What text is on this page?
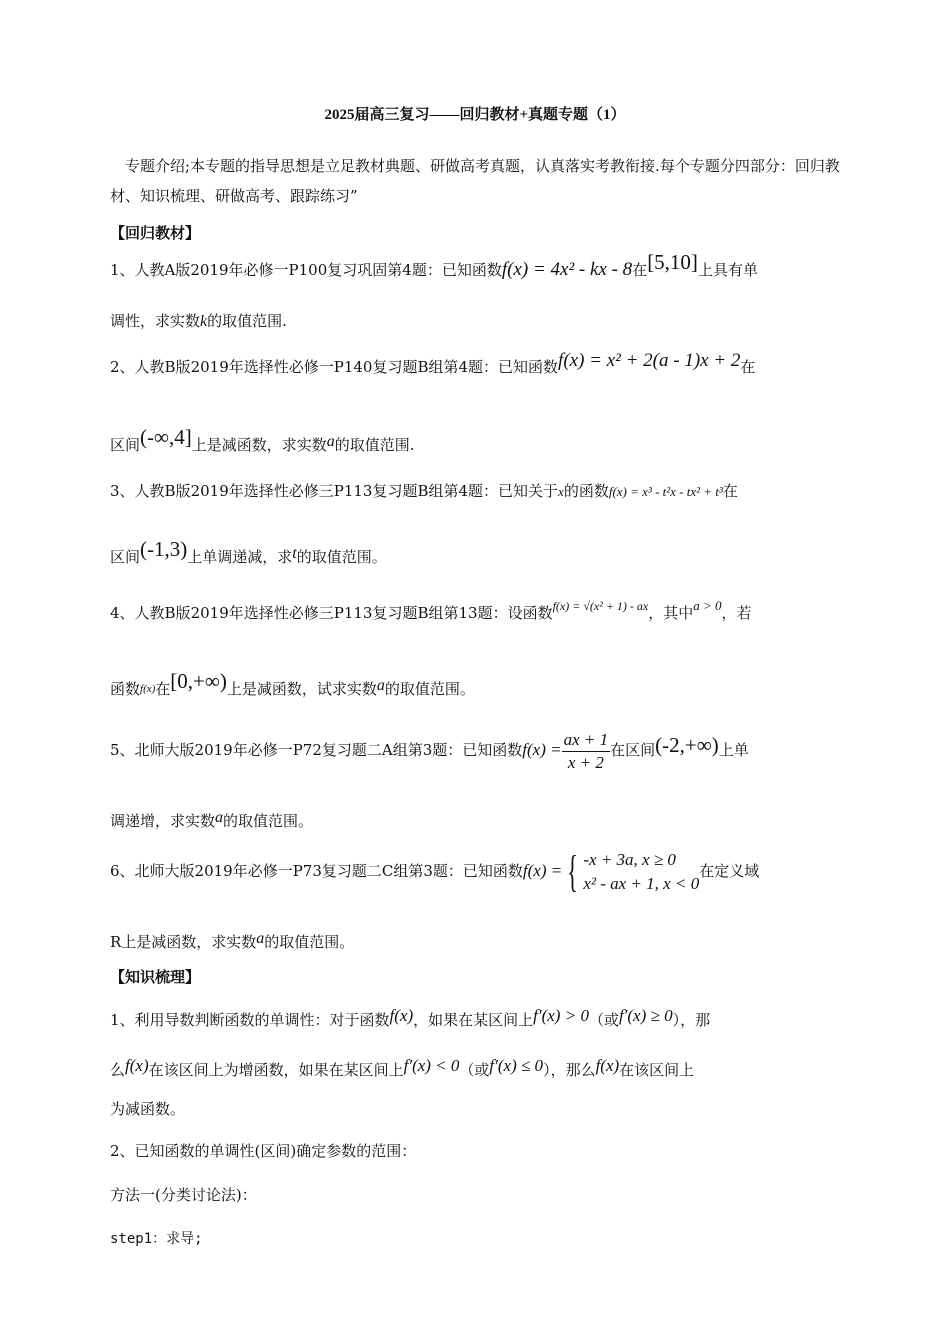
2025届高三复习——回归教材+真题专题（1）
专题介绍;本专题的指导思想是立足教材典题、研做高考真题，认真落实考教衔接.每个专题分四部分：回归教材、知识梳理、研做高考、跟踪练习”
【回归教材】
1、人教A版2019年必修一P100复习巩固第4题：已知函数f(x) = 4x² - kx - 8在[5,10]上具有单
调性，求实数k的取值范围.
2、人教B版2019年选择性必修一P140复习题B组第4题：已知函数f(x) = x² + 2(a - 1)x + 2在
区间(-∞,4]上是减函数，求实数a的取值范围.
3、人教B版2019年选择性必修三P113复习题B组第4题：已知关于x的函数f(x) = x³ - t²x - tx² + t³在
区间(-1,3)上单调递减，求t的取值范围。
4、人教B版2019年选择性必修三P113复习题B组第13题：设函数$^{f(x) = √(x^2 + 1) - ax}$，其中a > 0，若
函数f(x)在[0,+∞)上是减函数，试求实数a的取值范围。
5、北师大版2019年必修一P72复习题二A组第3题：已知函数$f(x) = \frac{ax + 1}{x + 2}$ 在区间(-2,+∞)上单
调递增，求实数a的取值范围。
6、北师大版2019年必修一P73复习题二C组第3题：已知函数f(x) = { -x + 3a, x ≥ 0
x² - ax + 1, x < 0
在定义域
R上是减函数，求实数a的取值范围。
【知识梳理】
1、利用导数判断函数的单调性：对于函数f(x)，如果在某区间上f′(x) > 0（或f′(x) ≥ 0），那
么f(x)在该区间上为增函数，如果在某区间上f′(x) < 0（或f′(x) ≤ 0），那么f(x)在该区间上
为减函数。
2、已知函数的单调性(区间)确定参数的范围：
方法一(分类讨论法)：
step1：求导;
